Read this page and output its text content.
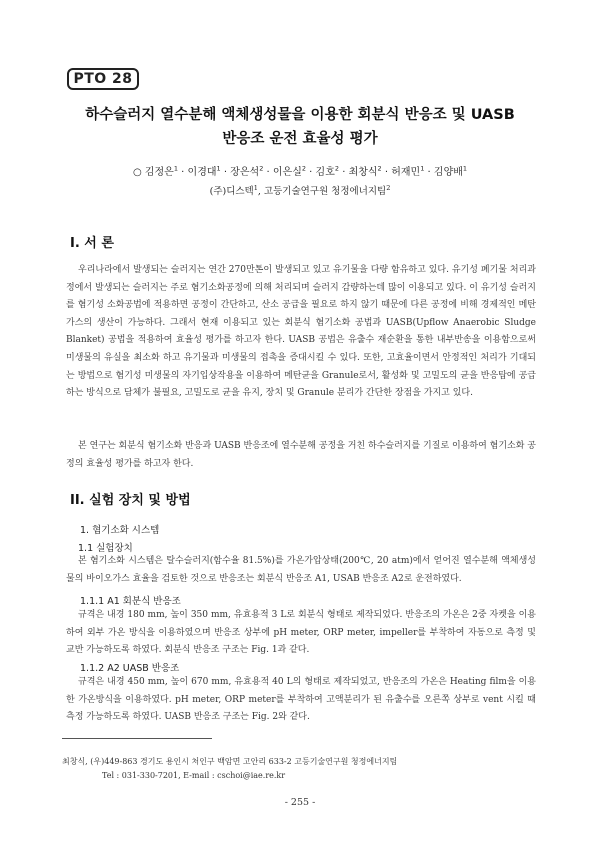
PTO 28
하수슬러지 열수분해 액체생성물을 이용한 회분식 반응조 및 UASB
반응조 운전 효율성 평가
○ 김정은$^1$ · 이경대$^1$ · 장은석$^2$ · 이은실$^2$ · 김호$^2$ · 최창식$^2$ · 허재민$^1$ · 김양배$^1$
(주)디스텍$^1$, 고등기술연구원 청정에너지팀$^2$
I. 서 론
우리나라에서 발생되는 슬러지는 연간 270만톤이 발생되고 있고 유기물을 다량 함유하고 있다. 유기성 폐기물 처리과정에서 발생되는 슬러지는 주로 혐기소화공정에 의해 처리되며 슬러지 감량하는데 많이 이용되고 있다. 이 유기성 슬러지를 혐기성 소화공법에 적용하면 공정이 간단하고, 산소 공급을 필요로 하지 않기 때문에 다른 공정에 비해 경제적인 메탄가스의 생산이 가능하다. 그래서 현재 이용되고 있는 회분식 혐기소화 공법과 UASB(Upflow Anaerobic Sludge Blanket) 공법을 적용하여 효율성 평가를 하고자 한다. UASB 공법은 유출수 재순환을 통한 내부반송을 이용함으로써 미생물의 유실을 최소화 하고 유기물과 미생물의 접촉을 증대시킬 수 있다. 또한, 고효율이면서 안정적인 처리가 기대되는 방법으로 혐기성 미생물의 자기입상작용을 이용하여 메탄균을 Granule로서, 활성화 및 고밀도의 균을 반응탑에 공급하는 방식으로 담체가 불필요, 고밀도로 균을 유지, 장치 및 Granule 분리가 간단한 장점을 가지고 있다.
본 연구는 회분식 혐기소화 반응과 UASB 반응조에 열수분해 공정을 거친 하수슬러지를 기질로 이용하여 혐기소화 공정의 효율성 평가를 하고자 한다.
II. 실험 장치 및 방법
1. 혐기소화 시스템
1.1 실험장치
본 혐기소화 시스템은 탈수슬러지(함수율 81.5%)를 가온가압상태(200℃, 20 atm)에서 얻어진 열수분해 액체생성물의 바이오가스 효율을 검토한 것으로 반응조는 회분식 반응조 A1, USAB 반응조 A2로 운전하였다.
1.1.1 A1 회분식 반응조
규격은 내경 180 mm, 높이 350 mm, 유효용적 3 L로 회분식 형태로 제작되었다. 반응조의 가온은 2중 자켓을 이용하여 외부 가온 방식을 이용하였으며 반응조 상부에 pH meter, ORP meter, impeller를 부착하여 자동으로 측정 및 교반 가능하도록 하였다. 회분식 반응조 구조는 Fig. 1과 같다.
1.1.2 A2 UASB 반응조
규격은 내경 450 mm, 높이 670 mm, 유효용적 40 L의 형태로 제작되었고, 반응조의 가온은 Heating film을 이용한 가온방식을 이용하였다. pH meter, ORP meter를 부착하여 고액분리가 된 유출수를 오른쪽 상부로 vent 시킬 때 측정 가능하도록 하였다. UASB 반응조 구조는 Fig. 2와 같다.
최창식, (우)449-863 경기도 용인시 처인구 백암면 고안리 633-2 고등기술연구원 청정에너지팀
Tel : 031-330-7201, E-mail : cschoi@iae.re.kr
- 255 -
